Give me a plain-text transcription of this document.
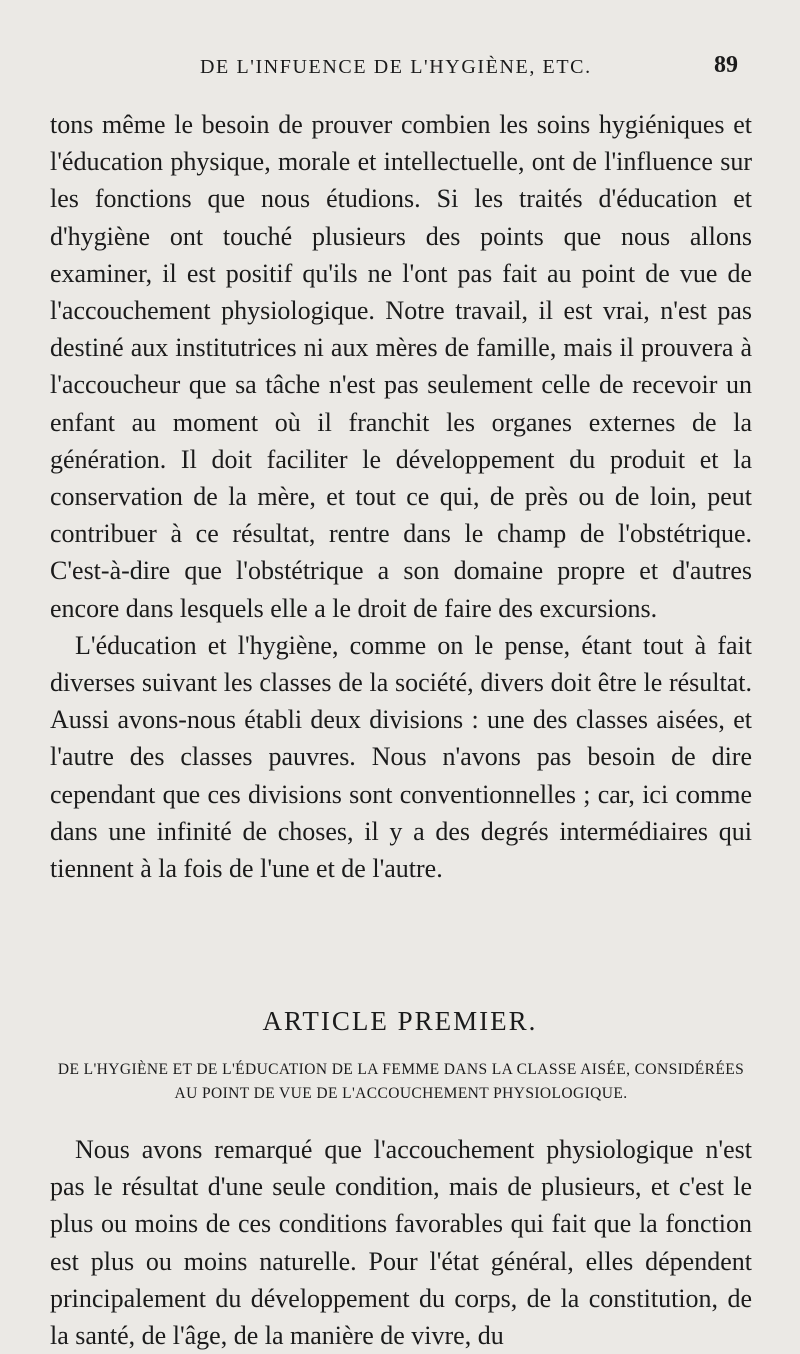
DE L'INFUENCE DE L'HYGIÈNE, ETC.	89

tons même le besoin de prouver combien les soins hygiéniques et l'éducation physique, morale et intellectuelle, ont de l'influence sur les fonctions que nous étudions. Si les traités d'éducation et d'hygiène ont touché plusieurs des points que nous allons examiner, il est positif qu'ils ne l'ont pas fait au point de vue de l'accouchement physiologique. Notre travail, il est vrai, n'est pas destiné aux institutrices ni aux mères de famille, mais il prouvera à l'accoucheur que sa tâche n'est pas seulement celle de recevoir un enfant au moment où il franchit les organes externes de la génération. Il doit faciliter le développement du produit et la conservation de la mère, et tout ce qui, de près ou de loin, peut contribuer à ce résultat, rentre dans le champ de l'obstétrique. C'est-à-dire que l'obstétrique a son domaine propre et d'autres encore dans lesquels elle a le droit de faire des excursions.

L'éducation et l'hygiène, comme on le pense, étant tout à fait diverses suivant les classes de la société, divers doit être le résultat. Aussi avons-nous établi deux divisions : une des classes aisées, et l'autre des classes pauvres. Nous n'avons pas besoin de dire cependant que ces divisions sont conventionnelles ; car, ici comme dans une infinité de choses, il y a des degrés intermédiaires qui tiennent à la fois de l'une et de l'autre.

ARTICLE PREMIER.
DE L'HYGIÈNE ET DE L'ÉDUCATION DE LA FEMME DANS LA CLASSE AISÉE, CONSIDÉRÉES AU POINT DE VUE DE L'ACCOUCHEMENT PHYSIOLOGIQUE.

Nous avons remarqué que l'accouchement physiologique n'est pas le résultat d'une seule condition, mais de plusieurs, et c'est le plus ou moins de ces conditions favorables qui fait que la fonction est plus ou moins naturelle. Pour l'état général, elles dépendent principalement du développement du corps, de la constitution, de la santé, de l'âge, de la manière de vivre, du
